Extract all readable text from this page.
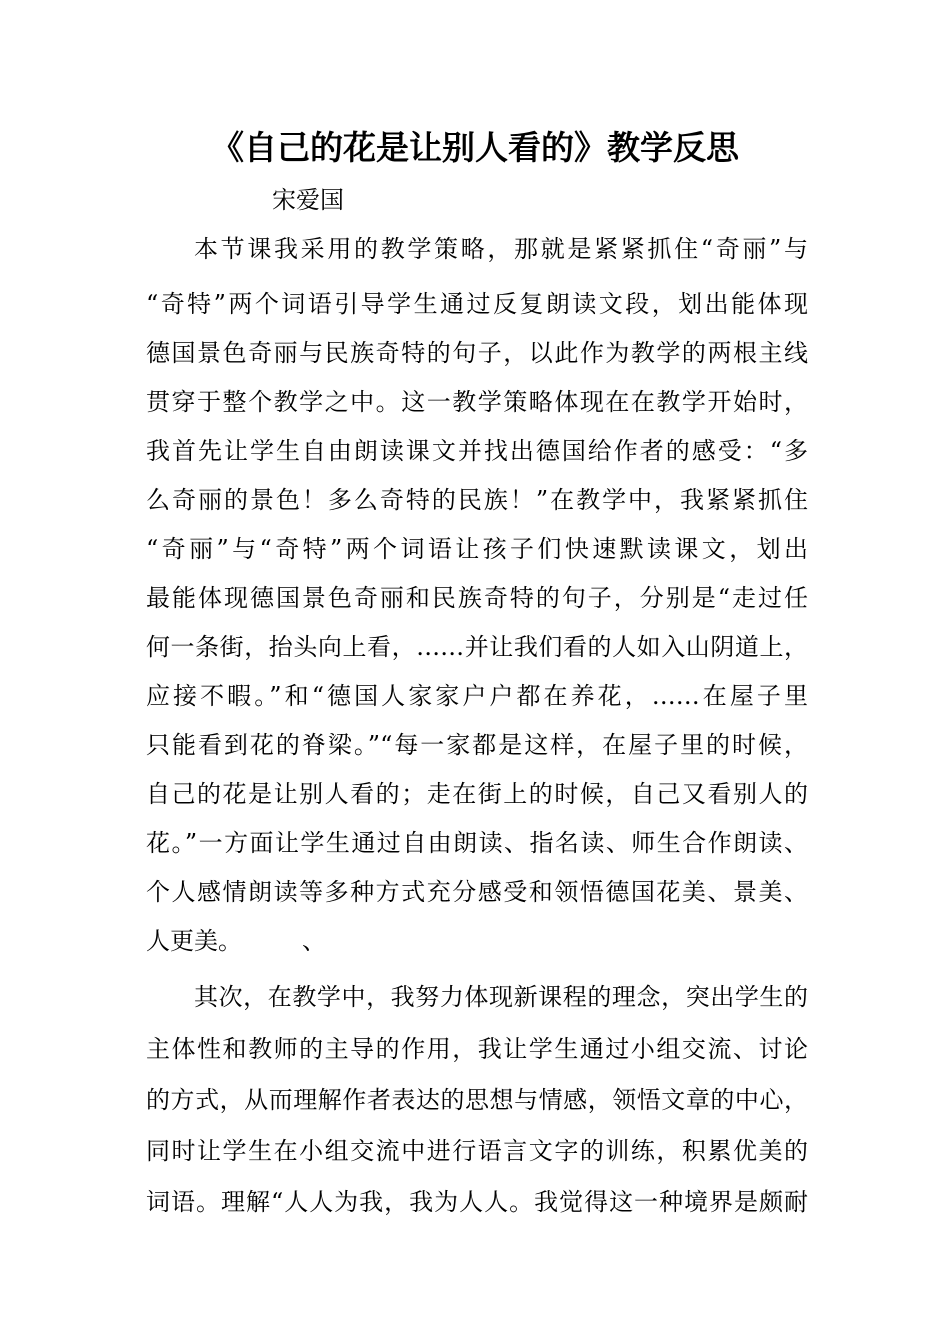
《自己的花是让别人看的》教学反思
宋爱国
本节课我采用的教学策略，那就是紧紧抓住“奇丽”与
“奇特”两个词语引导学生通过反复朗读文段，划出能体现
德国景色奇丽与民族奇特的句子，以此作为教学的两根主线
贯穿于整个教学之中。这一教学策略体现在在教学开始时，
我首先让学生自由朗读课文并找出德国给作者的感受：“多
么奇丽的景色！多么奇特的民族！”在教学中，我紧紧抓住
“奇丽”与“奇特”两个词语让孩子们快速默读课文，划出
最能体现德国景色奇丽和民族奇特的句子，分别是“走过任
何一条街，抬头向上看，……并让我们看的人如入山阴道上，
应接不暇。”和“德国人家家户户都在养花，……在屋子里
只能看到花的脊梁。”“每一家都是这样，在屋子里的时候，
自己的花是让别人看的；走在街上的时候，自己又看别人的
花。”一方面让学生通过自由朗读、指名读、师生合作朗读、
个人感情朗读等多种方式充分感受和领悟德国花美、景美、
人更美。　　　、
其次，在教学中，我努力体现新课程的理念，突出学生的
主体性和教师的主导的作用，我让学生通过小组交流、讨论
的方式，从而理解作者表达的思想与情感，领悟文章的中心，
同时让学生在小组交流中进行语言文字的训练，积累优美的
词语。理解“人人为我，我为人人。我觉得这一种境界是颇耐
